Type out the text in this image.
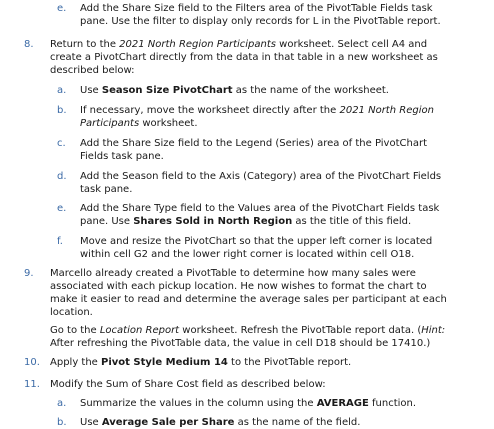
e. Add the Share Size field to the Filters area of the PivotTable Fields task
pane. Use the filter to display only records for L in the PivotTable report.
8. Return to the 2021 North Region Participants worksheet. Select cell A4 and
create a PivotChart directly from the data in that table in a new worksheet as
described below:
a. Use Season Size PivotChart as the name of the worksheet.
b. If necessary, move the worksheet directly after the 2021 North Region
Participants worksheet.
c. Add the Share Size field to the Legend (Series) area of the PivotChart
Fields task pane.
d. Add the Season field to the Axis (Category) area of the PivotChart Fields
task pane.
e. Add the Share Type field to the Values area of the PivotChart Fields task
pane. Use Shares Sold in North Region as the title of this field.
f. Move and resize the PivotChart so that the upper left corner is located
within cell G2 and the lower right corner is located within cell O18.
9. Marcello already created a PivotTable to determine how many sales were
associated with each pickup location. He now wishes to format the chart to
make it easier to read and determine the average sales per participant at each
location.
Go to the Location Report worksheet. Refresh the PivotTable report data. (Hint:
After refreshing the PivotTable data, the value in cell D18 should be 17410.)
10. Apply the Pivot Style Medium 14 to the PivotTable report.
11. Modify the Sum of Share Cost field as described below:
a. Summarize the values in the column using the AVERAGE function.
b. Use Average Sale per Share as the name of the field.
